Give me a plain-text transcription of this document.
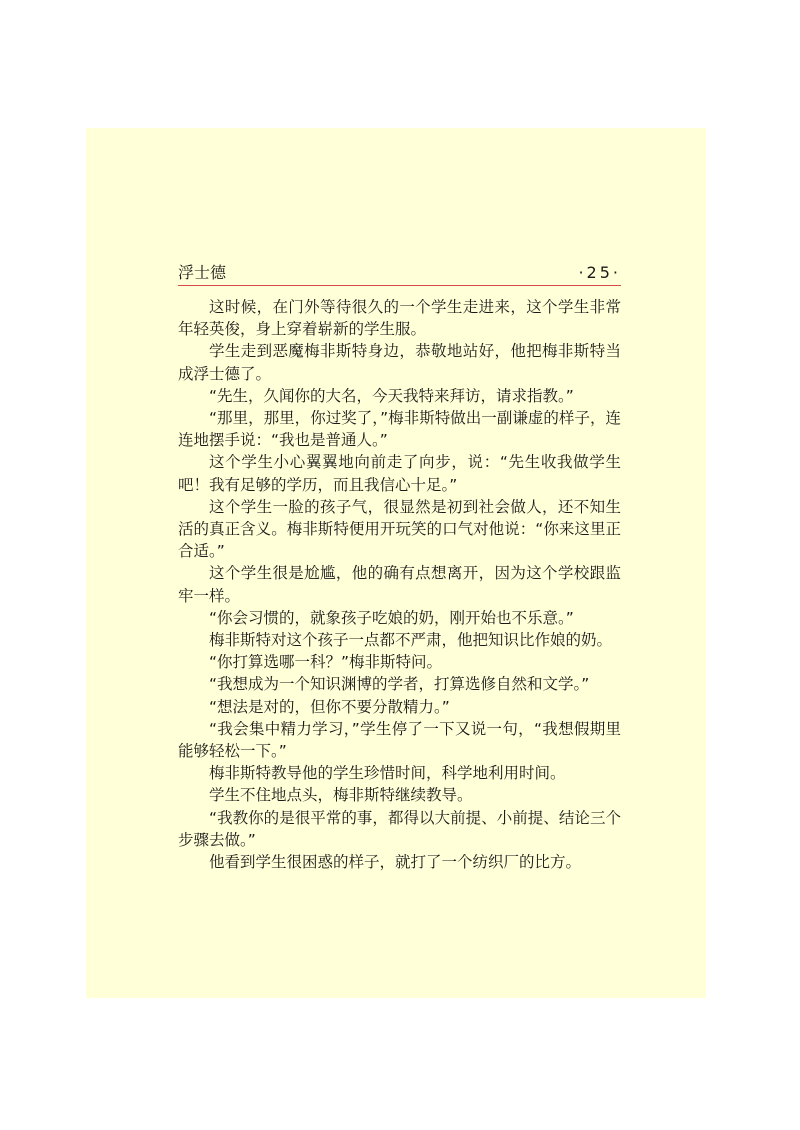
浮士德	·25·

这时候，在门外等待很久的一个学生走进来，这个学生非常年轻英俊，身上穿着崭新的学生服。

学生走到恶魔梅非斯特身边，恭敬地站好，他把梅非斯特当成浮士德了。

“先生，久闻你的大名，今天我特来拜访，请求指教。”

“那里，那里，你过奖了，”梅非斯特做出一副谦虚的样子，连连地摆手说：“我也是普通人。”

这个学生小心翼翼地向前走了向步，说：“先生收我做学生吧！我有足够的学历，而且我信心十足。”

这个学生一脸的孩子气，很显然是初到社会做人，还不知生活的真正含义。梅非斯特便用开玩笑的口气对他说：“你来这里正合适。”

这个学生很是尬尴，他的确有点想离开，因为这个学校跟监牢一样。

“你会习惯的，就象孩子吃娘的奶，刚开始也不乐意。”

梅非斯特对这个孩子一点都不严肃，他把知识比作娘的奶。

“你打算选哪一科？”梅非斯特问。

“我想成为一个知识渊博的学者，打算选修自然和文学。”

“想法是对的，但你不要分散精力。”

“我会集中精力学习，”学生停了一下又说一句，“我想假期里能够轻松一下。”

梅非斯特教导他的学生珍惜时间，科学地利用时间。

学生不住地点头，梅非斯特继续教导。

“我教你的是很平常的事，都得以大前提、小前提、结论三个步骤去做。”

他看到学生很困惑的样子，就打了一个纺织厂的比方。
